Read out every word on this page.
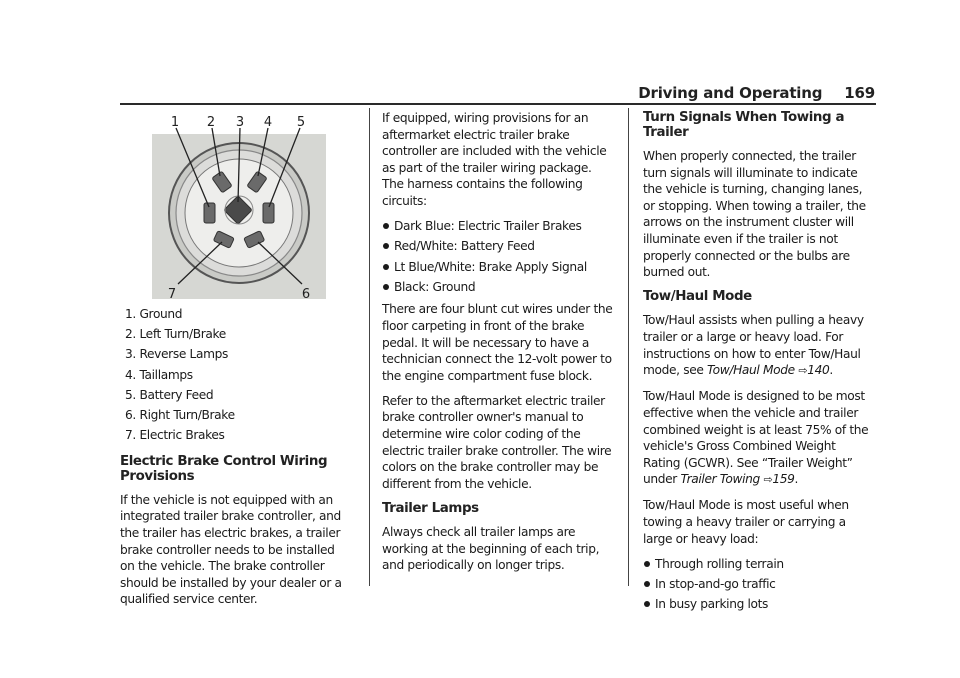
Driving and Operating 169
1 2 3 4 5
7	6
1. Ground
2. Left Turn/Brake
3. Reverse Lamps
4. Taillamps
5. Battery Feed
6. Right Turn/Brake
7. Electric Brakes
Electric Brake Control Wiring Provisions

If the vehicle is not equipped with an integrated trailer brake controller, and the trailer has electric brakes, a trailer brake controller needs to be installed on the vehicle. The brake controller should be installed by your dealer or a qualified service center.

If equipped, wiring provisions for an aftermarket electric trailer brake controller are included with the vehicle as part of the trailer wiring package. The harness contains the following circuits:

Dark Blue: Electric Trailer Brakes
Red/White: Battery Feed
Lt Blue/White: Brake Apply Signal
Black: Ground

There are four blunt cut wires under the floor carpeting in front of the brake pedal. It will be necessary to have a technician connect the 12-volt power to the engine compartment fuse block.

Refer to the aftermarket electric trailer brake controller owner's manual to determine wire color coding of the electric trailer brake controller. The wire colors on the brake controller may be different from the vehicle.

Trailer Lamps

Always check all trailer lamps are working at the beginning of each trip, and periodically on longer trips.

Turn Signals When Towing a Trailer

When properly connected, the trailer turn signals will illuminate to indicate the vehicle is turning, changing lanes, or stopping. When towing a trailer, the arrows on the instrument cluster will illuminate even if the trailer is not properly connected or the bulbs are burned out.

Tow/Haul Mode

Tow/Haul assists when pulling a heavy trailer or a large or heavy load. For instructions on how to enter Tow/Haul mode, see Tow/Haul Mode ⇨140.

Tow/Haul Mode is designed to be most effective when the vehicle and trailer combined weight is at least 75% of the vehicle's Gross Combined Weight Rating (GCWR). See “Trailer Weight” under Trailer Towing ⇨159.

Tow/Haul Mode is most useful when towing a heavy trailer or carrying a large or heavy load:

Through rolling terrain
In stop-and-go traffic
In busy parking lots
